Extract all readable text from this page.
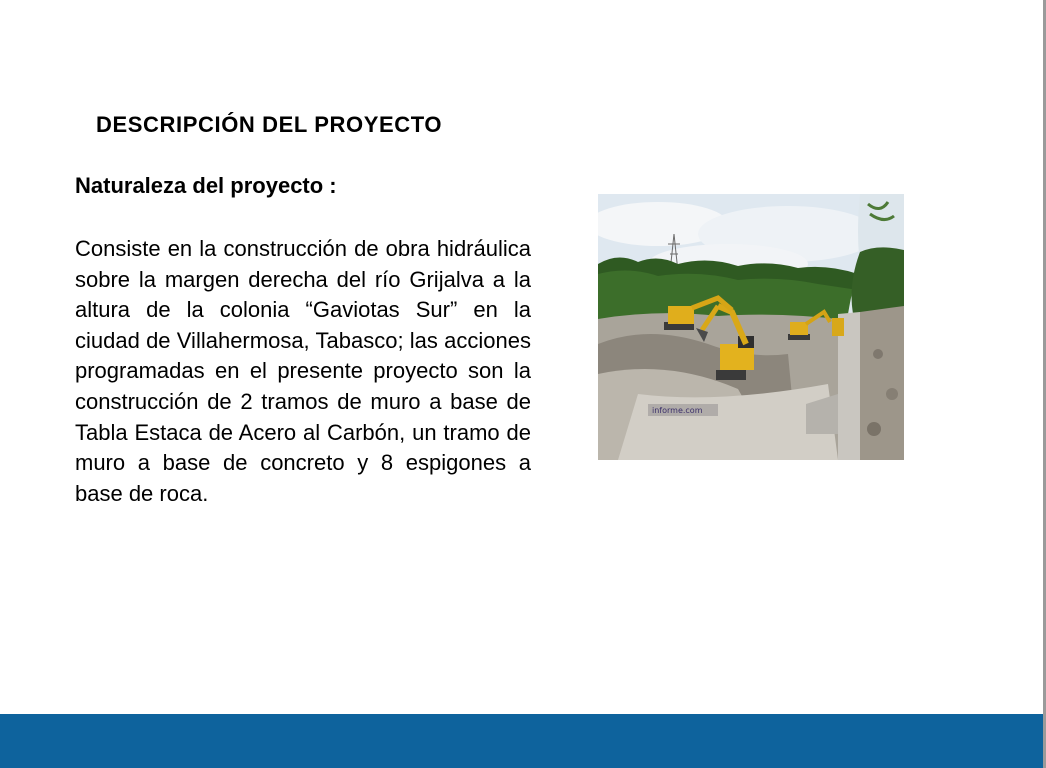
DESCRIPCIÓN DEL PROYECTO
Naturaleza del proyecto :

Consiste en la construcción de obra hidráulica sobre la margen derecha del río Grijalva a la altura de la colonia “Gaviotas Sur” en la ciudad de Villahermosa, Tabasco; las acciones programadas en el presente proyecto son la construcción de 2 tramos de muro a base de Tabla Estaca de Acero al Carbón, un tramo de muro a base de concreto y 8 espigones a base de roca.

informe.com
